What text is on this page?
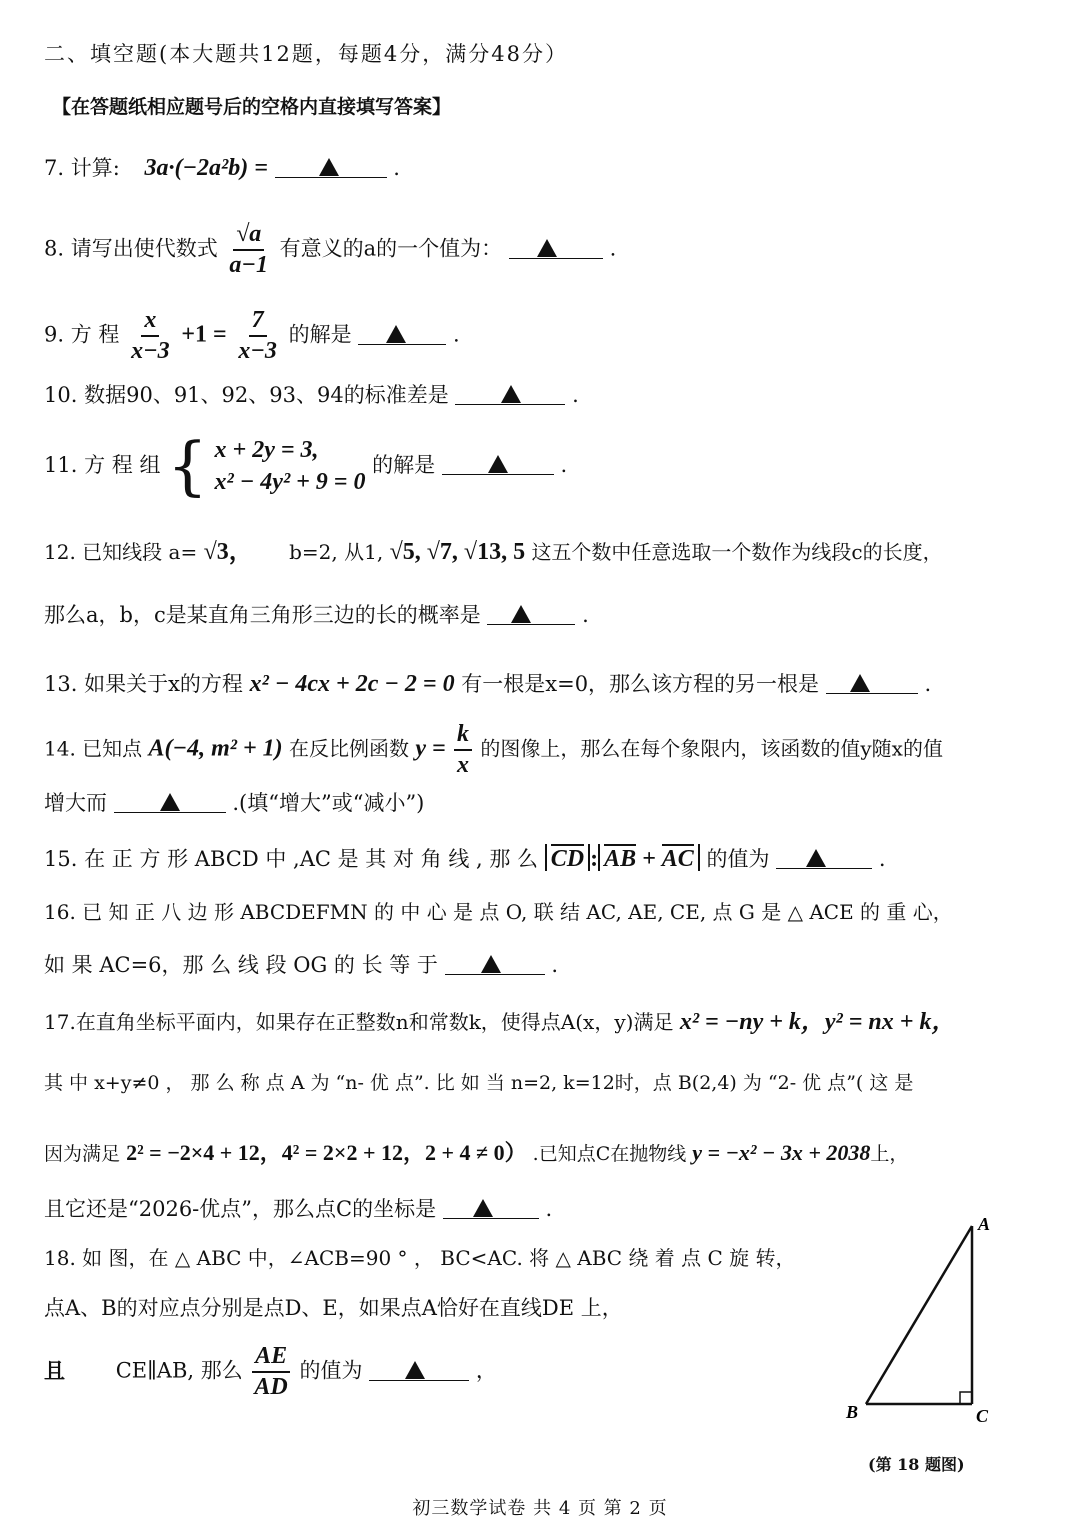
二、填空题(本大题共12题，每题4分，满分48分）
【在答题纸相应题号后的空格内直接填写答案】
7. 计算: 3a·(−2a²b) =	.
8. 请写出使代数式 $\frac{√a}{a-1}$ 有意义的a的一个值为：	.
9. 方 程 $\frac{x}{x-3} +1 = \frac{7}{x-3}$ 的解是	.
10. 数据90、91、92、93、94的标准差是	.
11. 方 程 组 { x + 2y = 3,
x² − 4y² + 9 = 0
的解是	.
12. 已知线段 a= √3， b=2, 从1, √5, √7, √13, 5 这五个数中任意选取一个数作为线段c的长度，
那么a，b，c是某直角三角形三边的长的概率是	.
13. 如果关于x的方程 x² − 4cx + 2c − 2 = 0 有一根是x=0，那么该方程的另一根是	.
14. 已知点 A(−4, m² + 1) 在反比例函数 $y = \frac{k}{x}$ 的图像上，那么在每个象限内，该函数的值y随x的值
增大而	.(填“增大”或“减小”)
15. 在 正 方 形 ABCD 中 ,AC 是 其 对 角 线 , 那 么 CD : AB + AC 的值为	.
16. 已 知 正 八 边 形 ABCDEFMN 的 中 心 是 点 O, 联 结 AC, AE, CE, 点 G 是 △ ACE 的 重 心，
如 果 AC=6，那 么 线 段 OG 的 长 等 于	.
17.在直角坐标平面内，如果存在正整数n和常数k，使得点A(x，y)满足 x² = −ny + k，y² = nx + k，
其 中 x+y≠0 ， 那 么 称 点 A 为 “n- 优 点”. 比 如 当 n=2, k=12时，点 B(2,4) 为 “2- 优 点”( 这 是
因为满足 2² = −2×4 + 12，4² = 2×2 + 12，2 + 4 ≠ 0） .已知点C在抛物线 y = −x² − 3x + 2038上，
且它还是“2026-优点”，那么点C的坐标是	.
18. 如 图，在 △ ABC 中，∠ACB=90 ° ， BC<AC. 将 △ ABC 绕 着 点 C 旋 转，
点A、B的对应点分别是点D、E，如果点A恰好在直线DE 上，
且 CE∥AB, 那么 $\frac{AE}{AD}$ 的值为	，
A
B	C
(第 18 题图)
初三数学试卷 共 4 页 第 2 页
